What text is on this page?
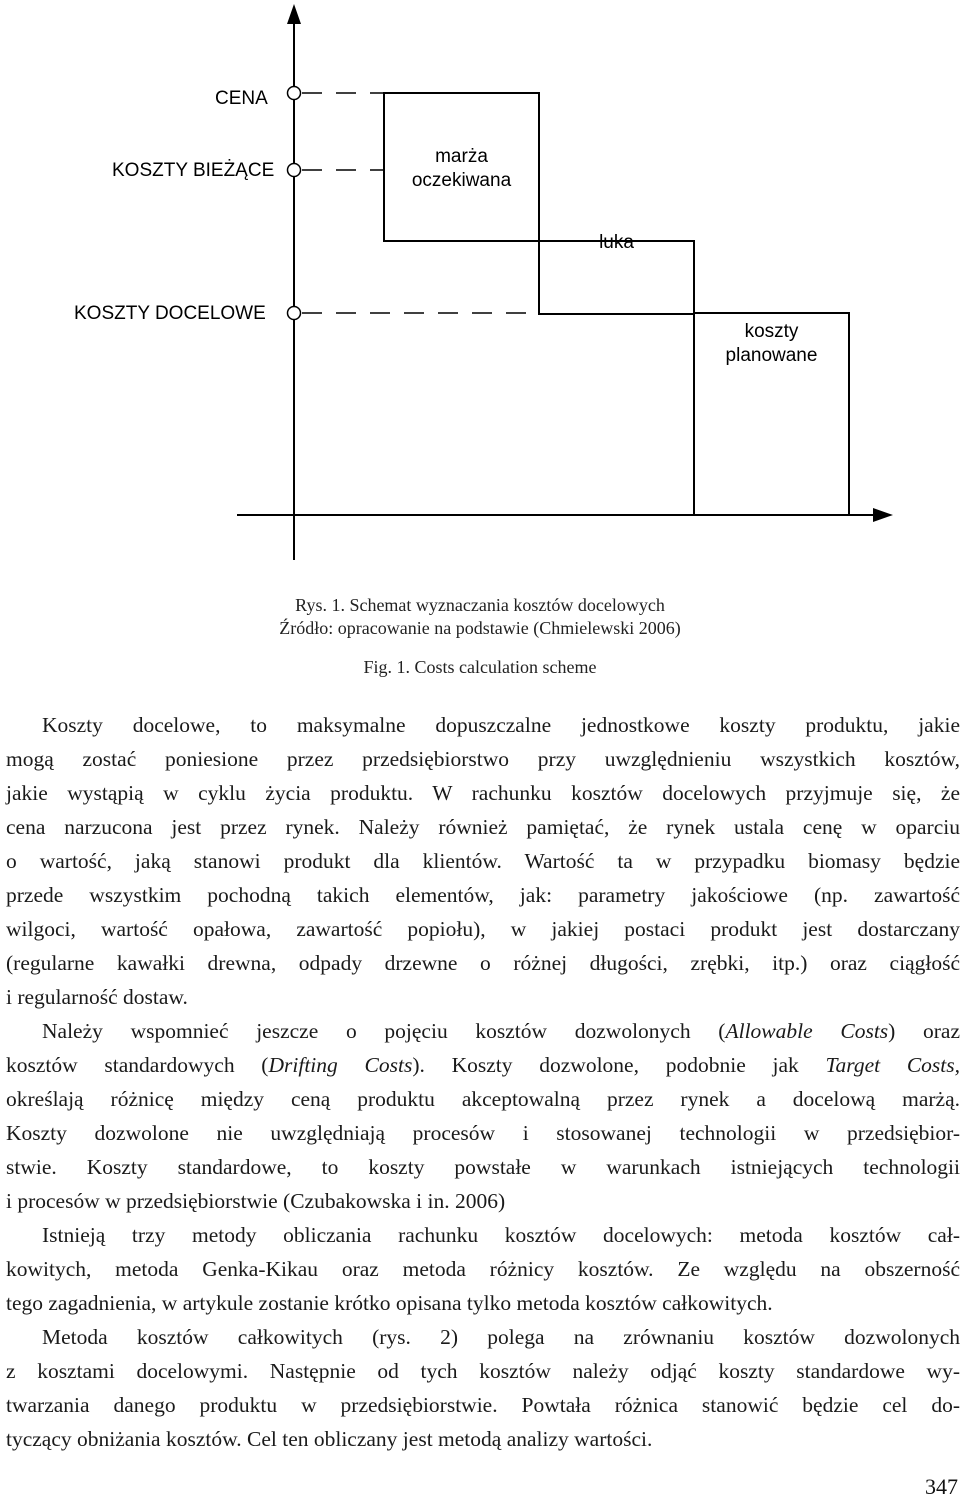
CENA
KOSZTY BIEŻĄCE
KOSZTY DOCELOWE
marża
oczekiwana
luka
koszty
planowane
Rys. 1. Schemat wyznaczania kosztów docelowych
Źródło: opracowanie na podstawie (Chmielewski 2006)
Fig. 1. Costs calculation scheme
Koszty docelowe, to maksymalne dopuszczalne jednostkowe koszty produktu, jakie
mogą zostać poniesione przez przedsiębiorstwo przy uwzględnieniu wszystkich kosztów,
jakie wystąpią w cyklu życia produktu. W rachunku kosztów docelowych przyjmuje się, że
cena narzucona jest przez rynek. Należy również pamiętać, że rynek ustala cenę w oparciu
o wartość, jaką stanowi produkt dla klientów. Wartość ta w przypadku biomasy będzie
przede wszystkim pochodną takich elementów, jak: parametry jakościowe (np. zawartość
wilgoci, wartość opałowa, zawartość popiołu), w jakiej postaci produkt jest dostarczany
(regularne kawałki drewna, odpady drzewne o różnej długości, zrębki, itp.) oraz ciągłość
i regularność dostaw.
Należy wspomnieć jeszcze o pojęciu kosztów dozwolonych (Allowable Costs) oraz
kosztów standardowych (Drifting Costs). Koszty dozwolone, podobnie jak Target Costs,
określają różnicę między ceną produktu akceptowalną przez rynek a docelową marżą.
Koszty dozwolone nie uwzględniają procesów i stosowanej technologii w przedsiębior-
stwie. Koszty standardowe, to koszty powstałe w warunkach istniejących technologii
i procesów w przedsiębiorstwie (Czubakowska i in. 2006)
Istnieją trzy metody obliczania rachunku kosztów docelowych: metoda kosztów cał-
kowitych, metoda Genka-Kikau oraz metoda różnicy kosztów. Ze względu na obszerność
tego zagadnienia, w artykule zostanie krótko opisana tylko metoda kosztów całkowitych.
Metoda kosztów całkowitych (rys. 2) polega na zrównaniu kosztów dozwolonych
z kosztami docelowymi. Następnie od tych kosztów należy odjąć koszty standardowe wy-
twarzania danego produktu w przedsiębiorstwie. Powtała różnica stanowić będzie cel do-
tyczący obniżania kosztów. Cel ten obliczany jest metodą analizy wartości.
347
